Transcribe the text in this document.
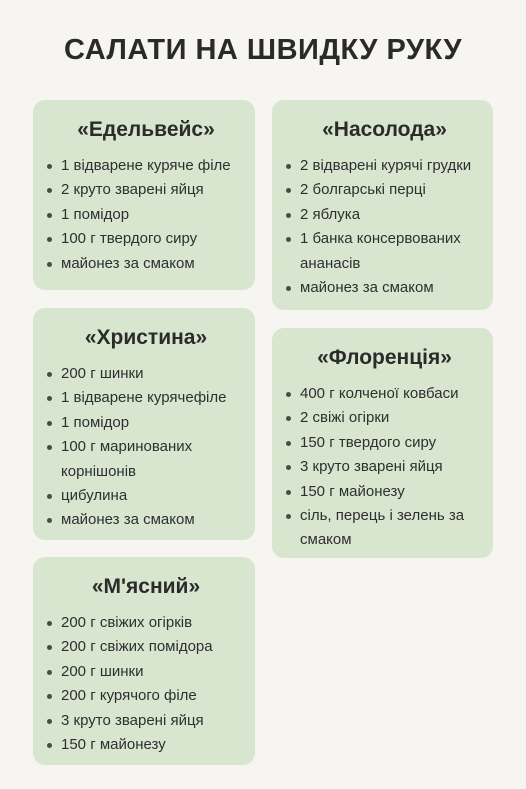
САЛАТИ НА ШВИДКУ РУКУ
«Едельвейс»
1 відварене куряче філе
2 круто зварені яйця
1 помідор
100 г твердого сиру
майонез за смаком
«Насолода»
2 відварені курячі грудки
2 болгарські перці
2 яблука
1 банка консервованих ананасів
майонез за смаком
«Христина»
200 г шинки
1 відварене курячефіле
1 помідор
100 г маринованих корнішонів
цибулина
майонез за смаком
«Флоренція»
400 г колченої ковбаси
2 свіжі огірки
150 г твердого сиру
3 круто зварені яйця
150 г майонезу
сіль, перець і зелень за смаком
«М'ясний»
200 г свіжих огірків
200 г свіжих помідора
200 г шинки
200 г курячого філе
3 круто зварені яйця
150 г майонезу
